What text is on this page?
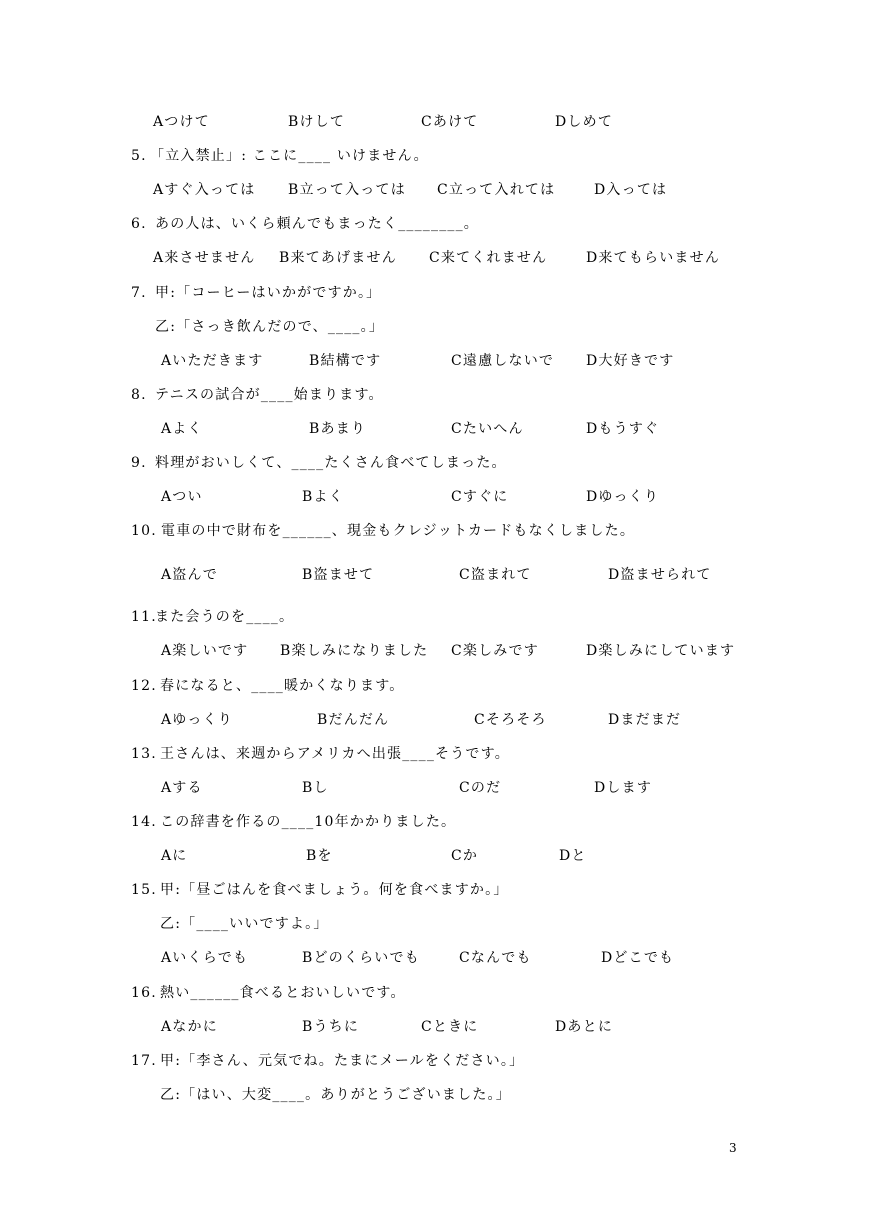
Aつけて	Bけして	Cあけて	Dしめて
5. 「立入禁止」: ここに____ いけません。
Aすぐ入っては B立って入っては C立って入れては	D入っては
6. あの人は、いくら頼んでもまったく________。
A来させません B来てあげません C来てくれません	D来てもらいません
7. 甲:「コーヒーはいかがですか。」
乙:「さっき飲んだので、____。」
Aいただきます	B結構です	C遠慮しないで D大好きです
8. テニスの試合が____始まります。
Aよく	Bあまり	Cたいへん	Dもうすぐ
9. 料理がおいしくて、____たくさん食べてしまった。
Aつい	Bよく	Cすぐに	Dゆっくり
10. 電車の中で財布を______、現金もクレジットカードもなくしました。
A盗んで	B盗ませて	C盗まれて	D盗ませられて
11.
また会うのを____。
A楽しいです B楽しみになりました C楽しみです	D楽しみにしています
12. 春になると、____暖かくなります。
Aゆっくり	Bだんだん	Cそろそろ	Dまだまだ
13. 王さんは、来週からアメリカへ出張____そうです。
Aする	Bし	Cのだ	Dします
14. この辞書を作るの____10年かかりました。
Aに	Bを	Cか	Dと
15. 甲:「昼ごはんを食べましょう。何を食べますか。」
乙:「____いいですよ。」
Aいくらでも	Bどのくらいでも	Cなんでも	Dどこでも
16. 熱い______食べるとおいしいです。
Aなかに	Bうちに	Cときに	Dあとに
17. 甲:「李さん、元気でね。たまにメールをください。」
乙:「はい、大変____。ありがとうございました。」
3
